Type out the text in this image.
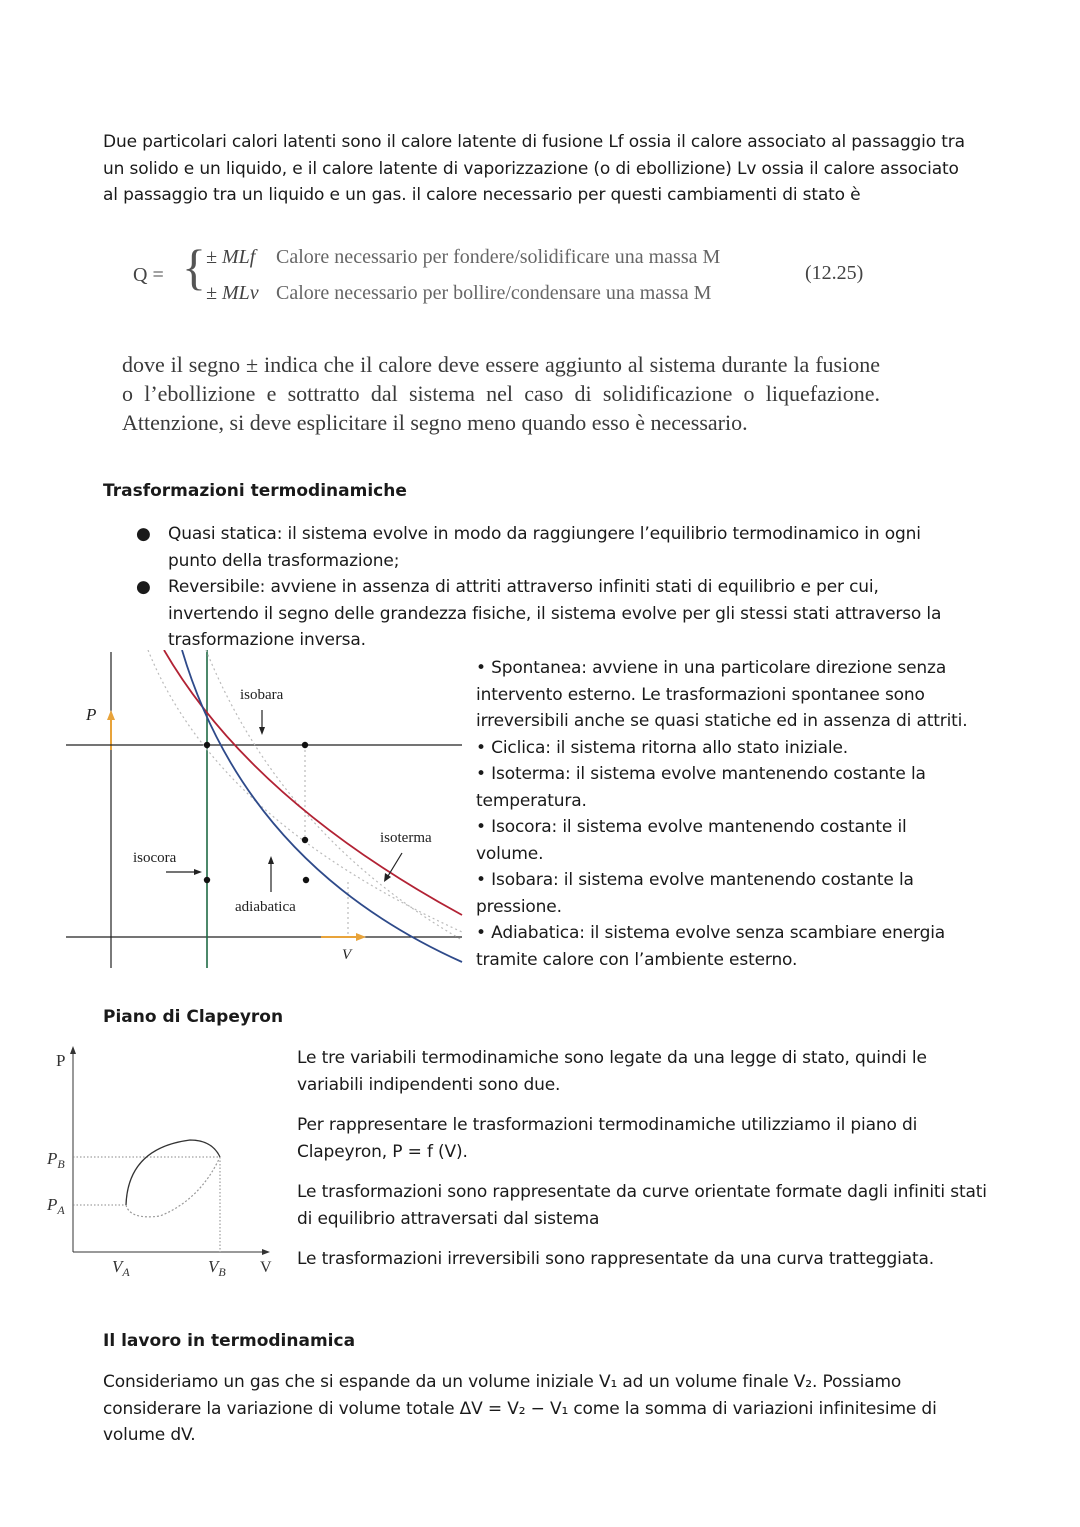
Due particolari calori latenti sono il calore latente di fusione Lf ossia il calore associato al passaggio tra un solido e un liquido, e il calore latente di vaporizzazione (o di ebollizione) Lv ossia il calore associato al passaggio tra un liquido e un gas. il calore necessario per questi cambiamenti di stato è
Q = { ± MLf Calore necessario per fondere/solidificare una massa M
± MLv Calore necessario per bollire/condensare una massa M
(12.25)
dove il segno ± indica che il calore deve essere aggiunto al sistema durante la fusione o l’ebollizione e sottratto dal sistema nel caso di solidificazione o liquefazione. Attenzione, si deve esplicitare il segno meno quando esso è necessario.
Trasformazioni termodinamiche
● Quasi statica: il sistema evolve in modo da raggiungere l’equilibrio termodinamico in ogni punto della trasformazione;
● Reversibile: avviene in assenza di attriti attraverso infiniti stati di equilibrio e per cui, invertendo il segno delle grandezza fisiche, il sistema evolve per gli stessi stati attraverso la trasformazione inversa.
P
V
isobara
isoterma
isocora
adiabatica
• Spontanea: avviene in una particolare direzione senza intervento esterno. Le trasformazioni spontanee sono irreversibili anche se quasi statiche ed in assenza di attriti.
• Ciclica: il sistema ritorna allo stato iniziale.
• Isoterma: il sistema evolve mantenendo costante la temperatura.
• Isocora: il sistema evolve mantenendo costante il volume.
• Isobara: il sistema evolve mantenendo costante la pressione.
• Adiabatica: il sistema evolve senza scambiare energia tramite calore con l’ambiente esterno.
Piano di Clapeyron
P
V
$P_B$
$P_A$
$V_A$	$V_B$
Le tre variabili termodinamiche sono legate da una legge di stato, quindi le variabili indipendenti sono due.
Per rappresentare le trasformazioni termodinamiche utilizziamo il piano di Clapeyron, P = f (V).
Le trasformazioni sono rappresentate da curve orientate formate dagli infiniti stati di equilibrio attraversati dal sistema
Le trasformazioni irreversibili sono rappresentate da una curva tratteggiata.
Il lavoro in termodinamica
Consideriamo un gas che si espande da un volume iniziale V₁ ad un volume finale V₂. Possiamo considerare la variazione di volume totale ΔV = V₂ − V₁ come la somma di variazioni infinitesime di volume dV.
